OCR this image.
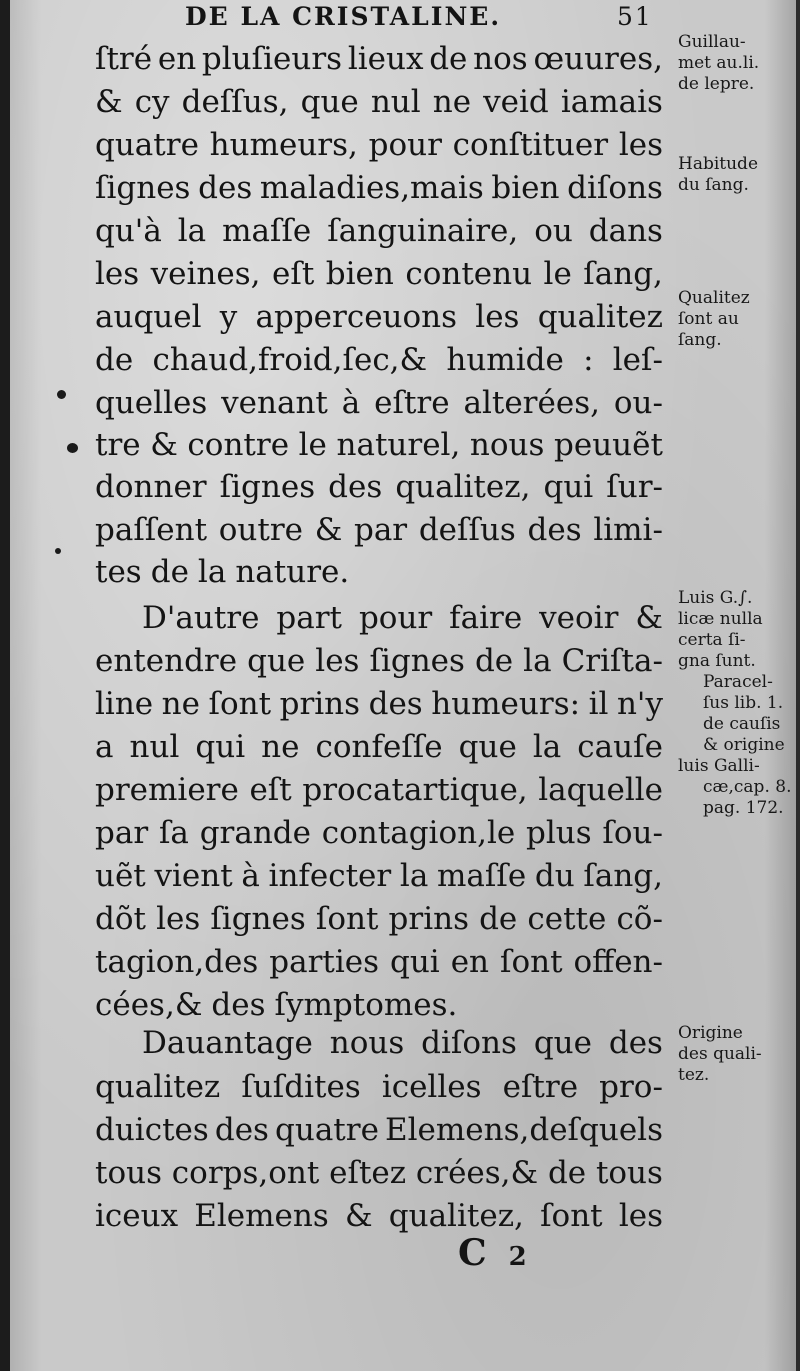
DE LA CRISTALINE.	51
ſtré en pluſieurs lieux de nos œuures,
& cy deſſus, que nul ne veid iamais
quatre humeurs, pour conſtituer les
ſignes des maladies,mais bien diſons
qu'à la maſſe ſanguinaire, ou dans
les veines, eſt bien contenu le ſang,
auquel y apperceuons les qualitez
de chaud,froid,ſec,& humide : leſ-
quelles venant à eſtre alterées, ou-
tre & contre le naturel, nous peuuẽt
donner ſignes des qualitez, qui ſur-
paſſent outre & par deſſus des limi-
tes de la nature.
D'autre part pour faire veoir &
entendre que les ſignes de la Criſta-
line ne ſont prins des humeurs: il n'y
a nul qui ne confeſſe que la cauſe
premiere eſt procatartique, laquelle
par ſa grande contagion,le plus ſou-
uẽt vient à infecter la maſſe du ſang,
dõt les ſignes ſont prins de cette cõ-
tagion,des parties qui en ſont offen-
cées,& des ſymptomes.
Dauantage nous diſons que des
qualitez ſuſdites icelles eſtre pro-
duictes des quatre Elemens,deſquels
tous corps,ont eſtez crées,& de tous
iceux Elemens & qualitez, ſont les
Guillau-
met au.li.
de lepre.
Habitude
du ſang.
Qualitez
ſont au
ſang.
Luis G.∫.
licæ nulla
certa ſi-
gna ſunt.
Paracel-
ſus lib. 1.
de cauſis
& origine
luis Galli-
cæ,cap. 8.
pag. 172.
Origine
des quali-
tez.
C 2
